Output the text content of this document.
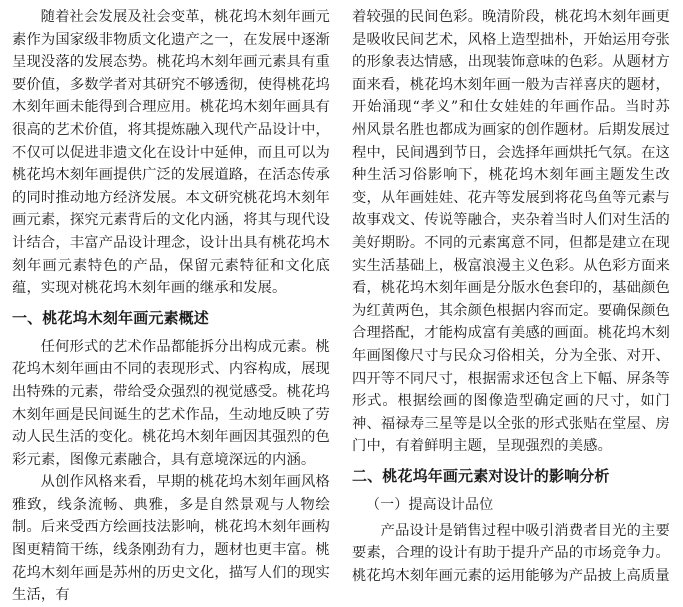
随着社会发展及社会变革，桃花坞木刻年画元素作为国家级非物质文化遗产之一，在发展中逐渐呈现没落的发展态势。桃花坞木刻年画元素具有重要价值，多数学者对其研究不够透彻，使得桃花坞木刻年画未能得到合理应用。桃花坞木刻年画具有很高的艺术价值，将其提炼融入现代产品设计中，不仅可以促进非遗文化在设计中延伸，而且可以为桃花坞木刻年画提供广泛的发展道路，在活态传承的同时推动地方经济发展。本文研究桃花坞木刻年画元素，探究元素背后的文化内涵，将其与现代设计结合，丰富产品设计理念，设计出具有桃花坞木刻年画元素特色的产品，保留元素特征和文化底蕴，实现对桃花坞木刻年画的继承和发展。

一、桃花坞木刻年画元素概述

任何形式的艺术作品都能拆分出构成元素。桃花坞木刻年画由不同的表现形式、内容构成，展现出特殊的元素，带给受众强烈的视觉感受。桃花坞木刻年画是民间诞生的艺术作品，生动地反映了劳动人民生活的变化。桃花坞木刻年画因其强烈的色彩元素，图像元素融合，具有意境深远的内涵。

从创作风格来看，早期的桃花坞木刻年画风格雅致，线条流畅、典雅，多是自然景观与人物绘制。后来受西方绘画技法影响，桃花坞木刻年画构图更精简干练，线条刚劲有力，题材也更丰富。桃花坞木刻年画是苏州的历史文化，描写人们的现实生活，有

着较强的民间色彩。晚清阶段，桃花坞木刻年画更是吸收民间艺术，风格上造型拙朴，开始运用夸张的形象表达情感，出现装饰意味的色彩。从题材方面来看，桃花坞木刻年画一般为吉祥喜庆的题材，开始涌现“孝义”和仕女娃娃的年画作品。当时苏州风景名胜也都成为画家的创作题材。后期发展过程中，民间遇到节日，会选择年画烘托气氛。在这种生活习俗影响下，桃花坞木刻年画主题发生改变，从年画娃娃、花卉等发展到将花鸟鱼等元素与故事戏文、传说等融合，夹杂着当时人们对生活的美好期盼。不同的元素寓意不同，但都是建立在现实生活基础上，极富浪漫主义色彩。从色彩方面来看，桃花坞木刻年画是分版水色套印的，基础颜色为红黄两色，其余颜色根据内容而定。要确保颜色合理搭配，才能构成富有美感的画面。桃花坞木刻年画图像尺寸与民众习俗相关，分为全张、对开、四开等不同尺寸，根据需求还包含上下幅、屏条等形式。根据绘画的图像造型确定画的尺寸，如门神、福禄寿三星等是以全张的形式张贴在堂屋、房门中，有着鲜明主题，呈现强烈的美感。

二、桃花坞年画元素对设计的影响分析
（一）提高设计品位

产品设计是销售过程中吸引消费者目光的主要要素，合理的设计有助于提升产品的市场竞争力。桃花坞木刻年画元素的运用能够为产品披上高质量
